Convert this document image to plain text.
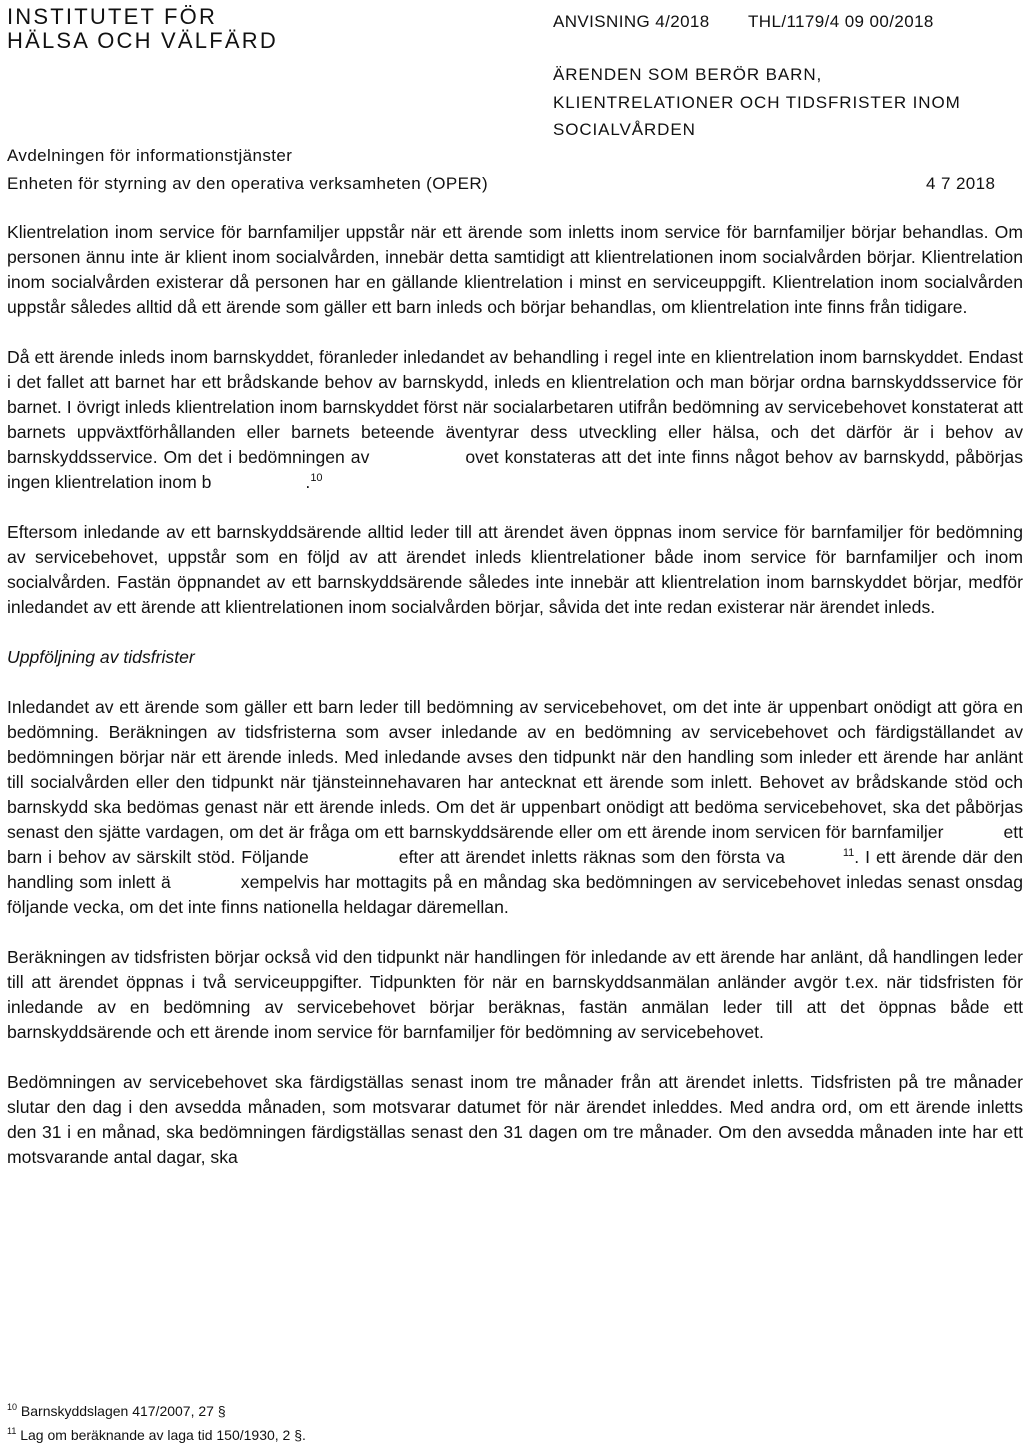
INSTITUTET FÖR
HÄLSA OCH VÄLFÄRD
ANVISNING 4/2018 THL/1179/4 09 00/2018
ÄRENDEN SOM BERÖR BARN,
KLIENTRELATIONER OCH TIDSFRISTER INOM
SOCIALVÅRDEN
Avdelningen för informationstjänster
Enheten för styrning av den operativa verksamheten (OPER)	4 7 2018

Klientrelation inom service för barnfamiljer uppstår när ett ärende som inletts inom service för barnfamiljer börjar behandlas. Om personen ännu inte är klient inom socialvården, innebär detta samtidigt att klientrelationen inom socialvården börjar. Klientrelation inom socialvården existerar då personen har en gällande klientrelation i minst en serviceuppgift. Klientrelation inom socialvården uppstår således alltid då ett ärende som gäller ett barn inleds och börjar behandlas, om klientrelation inte finns från tidigare.

Då ett ärende inleds inom barnskyddet, föranleder inledandet av behandling i regel inte en klientrelation inom barnskyddet. Endast i det fallet att barnet har ett brådskande behov av barnskydd, inleds en klientrelation och man börjar ordna barnskyddsservice för barnet. I övrigt inleds klientrelation inom barnskyddet först när socialarbetaren utifrån bedömning av servicebehovet konstaterat att barnets uppväxtförhållanden eller barnets beteende äventyrar dess utveckling eller hälsa, och det därför är i behov av barnskyddsservice. Om det i bedömningen av	ovet konstateras att det inte finns något behov av barnskydd, påbörjas ingen klientrelation inom b	.$^{10}$

Eftersom inledande av ett barnskyddsärende alltid leder till att ärendet även öppnas inom service för barnfamiljer för bedömning av servicebehovet, uppstår som en följd av att ärendet inleds klientrelationer både inom service för barnfamiljer och inom socialvården. Fastän öppnandet av ett barnskyddsärende således inte innebär att klientrelation inom barnskyddet börjar, medför inledandet av ett ärende att klientrelationen inom socialvården börjar, såvida det inte redan existerar när ärendet inleds.

Uppföljning av tidsfrister

Inledandet av ett ärende som gäller ett barn leder till bedömning av servicebehovet, om det inte är uppenbart onödigt att göra en bedömning. Beräkningen av tidsfristerna som avser inledande av en bedömning av servicebehovet och färdigställandet av bedömningen börjar när ett ärende inleds. Med inledande avses den tidpunkt när den handling som inleder ett ärende har anlänt till socialvården eller den tidpunkt när tjänsteinnehavaren har antecknat ett ärende som inlett. Behovet av brådskande stöd och barnskydd ska bedömas genast när ett ärende inleds. Om det är uppenbart onödigt att bedöma servicebehovet, ska det påbörjas senast den sjätte vardagen, om det är fråga om ett barnskyddsärende eller om ett ärende inom servicen för barnfamiljer	ett barn i behov av särskilt stöd. Följande	efter att ärendet inletts räknas som den första va	$^{11}$. I ett ärende där den handling som inlett ä	xempelvis har mottagits på en måndag ska bedömningen av servicebehovet inledas senast onsdag följande vecka, om det inte finns nationella heldagar däremellan.

Beräkningen av tidsfristen börjar också vid den tidpunkt när handlingen för inledande av ett ärende har anlänt, då handlingen leder till att ärendet öppnas i två serviceuppgifter. Tidpunkten för när en barnskyddsanmälan anländer avgör t.ex. när tidsfristen för inledande av en bedömning av servicebehovet börjar beräknas, fastän anmälan leder till att det öppnas både ett barnskyddsärende och ett ärende inom service för barnfamiljer för bedömning av servicebehovet.

Bedömningen av servicebehovet ska färdigställas senast inom tre månader från att ärendet inletts. Tidsfristen på tre månader slutar den dag i den avsedda månaden, som motsvarar datumet för när ärendet inleddes. Med andra ord, om ett ärende inletts den 31 i en månad, ska bedömningen färdigställas senast den 31 dagen om tre månader. Om den avsedda månaden inte har ett motsvarande antal dagar, ska

$^{10}$ Barnskyddslagen 417/2007, 27 §
$^{11}$ Lag om beräknande av laga tid 150/1930, 2 §.
